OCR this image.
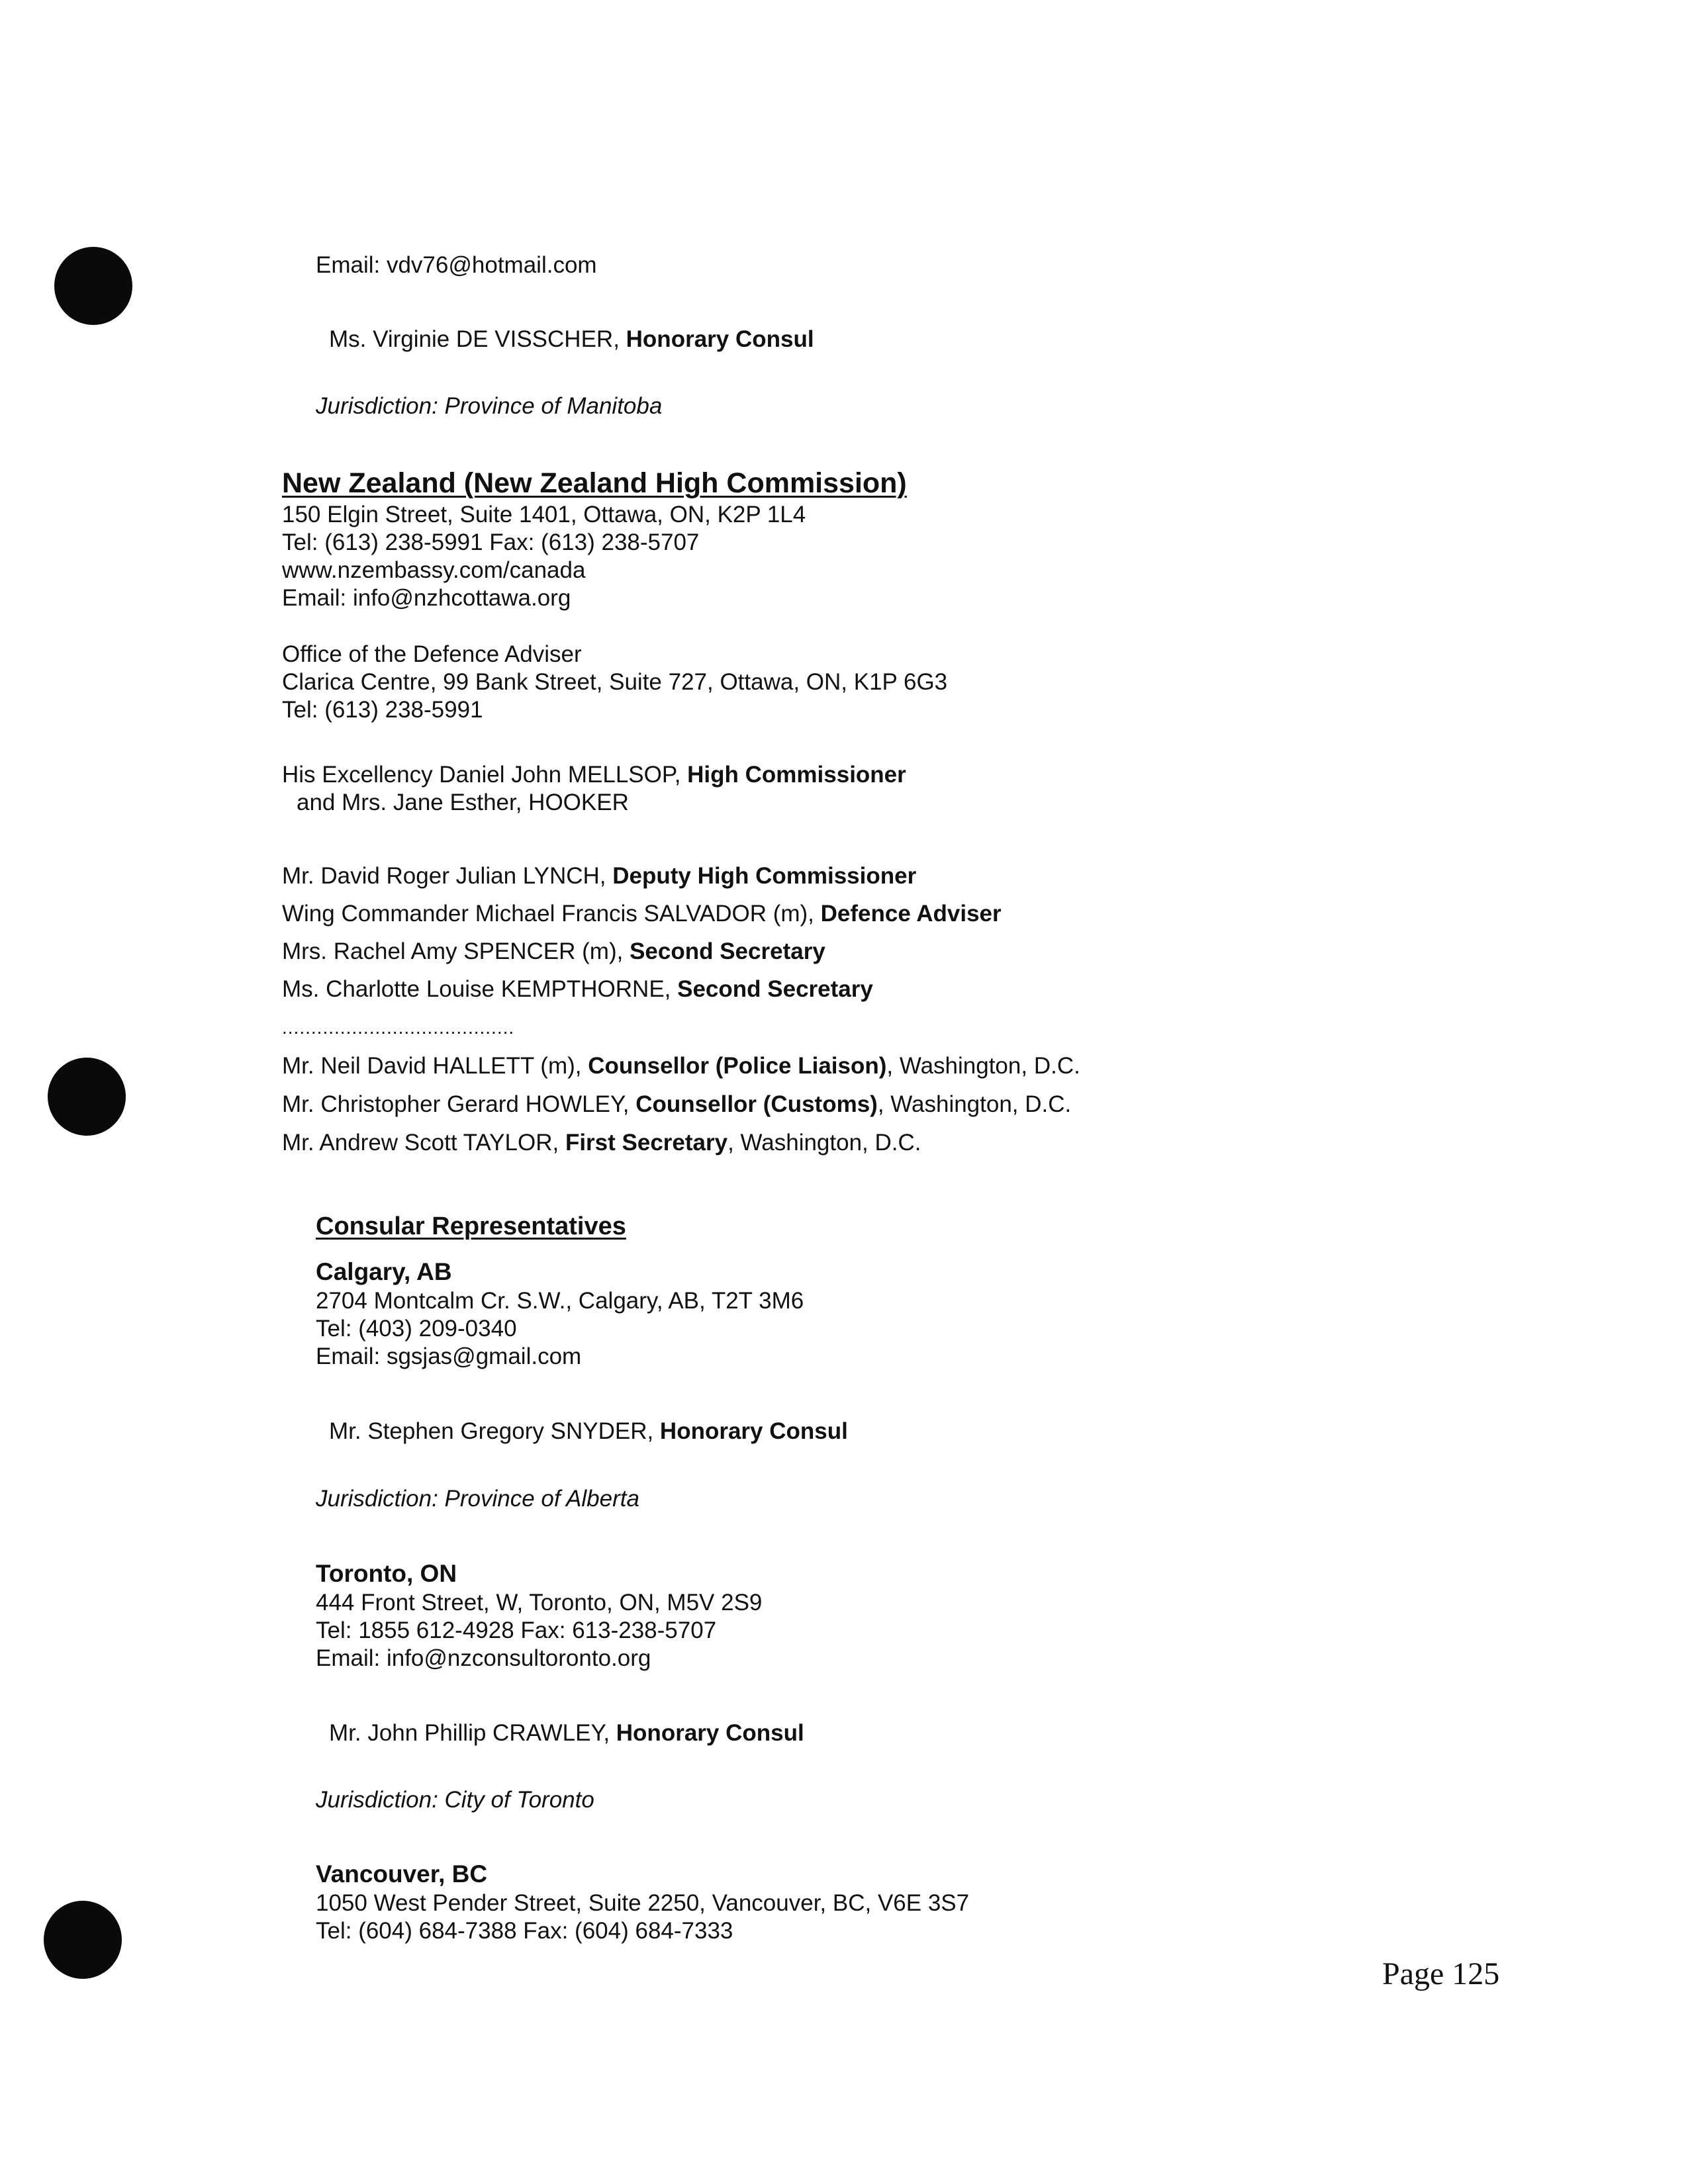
Email: vdv76@hotmail.com
Ms. Virginie DE VISSCHER, Honorary Consul
Jurisdiction: Province of Manitoba
New Zealand (New Zealand High Commission)
150 Elgin Street, Suite 1401, Ottawa, ON, K2P 1L4
Tel: (613) 238-5991 Fax: (613) 238-5707
www.nzembassy.com/canada
Email: info@nzhcottawa.org
Office of the Defence Adviser
Clarica Centre, 99 Bank Street, Suite 727, Ottawa, ON, K1P 6G3
Tel: (613) 238-5991
His Excellency Daniel John MELLSOP, High Commissioner
and Mrs. Jane Esther, HOOKER
Mr. David Roger Julian LYNCH, Deputy High Commissioner
Wing Commander Michael Francis SALVADOR (m), Defence Adviser
Mrs. Rachel Amy SPENCER (m), Second Secretary
Ms. Charlotte Louise KEMPTHORNE, Second Secretary
........................................
Mr. Neil David HALLETT (m), Counsellor (Police Liaison), Washington, D.C.
Mr. Christopher Gerard HOWLEY, Counsellor (Customs), Washington, D.C.
Mr. Andrew Scott TAYLOR, First Secretary, Washington, D.C.
Consular Representatives
Calgary, AB
2704 Montcalm Cr. S.W., Calgary, AB, T2T 3M6
Tel: (403) 209-0340
Email: sgsjas@gmail.com
Mr. Stephen Gregory SNYDER, Honorary Consul
Jurisdiction: Province of Alberta
Toronto, ON
444 Front Street, W, Toronto, ON, M5V 2S9
Tel: 1855 612-4928 Fax: 613-238-5707
Email: info@nzconsultoronto.org
Mr. John Phillip CRAWLEY, Honorary Consul
Jurisdiction: City of Toronto
Vancouver, BC
1050 West Pender Street, Suite 2250, Vancouver, BC, V6E 3S7
Tel: (604) 684-7388 Fax: (604) 684-7333
Page 125
